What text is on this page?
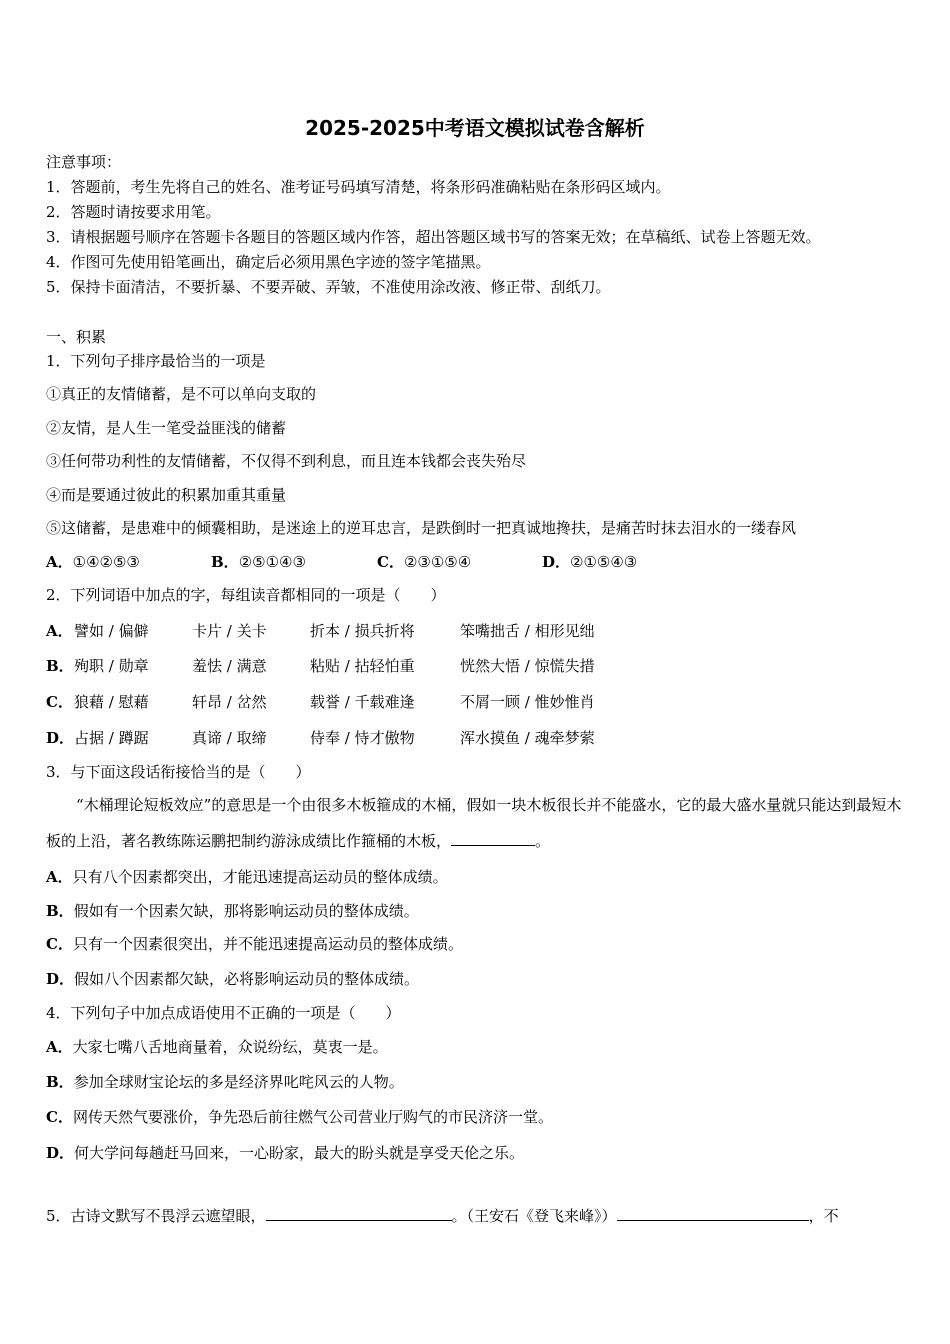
2025-2025中考语文模拟试卷含解析
注意事项：
1．答题前，考生先将自己的姓名、准考证号码填写清楚，将条形码准确粘贴在条形码区域内。
2．答题时请按要求用笔。
3．请根据题号顺序在答题卡各题目的答题区域内作答，超出答题区域书写的答案无效；在草稿纸、试卷上答题无效。
4．作图可先使用铅笔画出，确定后必须用黑色字迹的签字笔描黑。
5．保持卡面清洁，不要折暴、不要弄破、弄皱，不准使用涂改液、修正带、刮纸刀。
一、积累
1．下列句子排序最恰当的一项是
①真正的友情储蓄，是不可以单向支取的
②友情，是人生一笔受益匪浅的储蓄
③任何带功利性的友情储蓄，不仅得不到利息，而且连本钱都会丧失殆尽
④而是要通过彼此的积累加重其重量
⑤这储蓄，是患难中的倾囊相助，是迷途上的逆耳忠言，是跌倒时一把真诚地搀扶，是痛苦时抹去泪水的一缕春风
A．①④②⑤③	B．②⑤①④③	C．②③①⑤④	D．②①⑤④③
2．下列词语中加点的字，每组读音都相同的一项是（　　）
A． 譬如 / 偏僻	卡片 / 关卡	折本 / 损兵折将	笨嘴拙舌 / 相形见绌
B． 殉职 / 勋章	羞怯 / 满意	粘贴 / 拈轻怕重	恍然大悟 / 惊慌失措
C． 狼藉 / 慰藉	轩昂 / 岔然	载誉 / 千载难逢	不屑一顾 / 惟妙惟肖
D． 占据 / 蹲踞	真谛 / 取缔	侍奉 / 恃才傲物	浑水摸鱼 / 魂牵梦萦
3．与下面这段话衔接恰当的是（　　）
“木桶理论短板效应”的意思是一个由很多木板箍成的木桶，假如一块木板很长并不能盛水，它的最大盛水量就只能达到最短木板的上沿，著名教练陈运鹏把制约游泳成绩比作箍桶的木板，	。
A．只有八个因素都突出，才能迅速提高运动员的整体成绩。
B．假如有一个因素欠缺，那将影响运动员的整体成绩。
C．只有一个因素很突出，并不能迅速提高运动员的整体成绩。
D．假如八个因素都欠缺，必将影响运动员的整体成绩。
4．下列句子中加点成语使用不正确的一项是（　　）
A．大家七嘴八舌地商量着，众说纷纭，莫衷一是。
B．参加全球财宝论坛的多是经济界叱咤风云的人物。
C．网传天然气要涨价，争先恐后前往燃气公司营业厅购气的市民济济一堂。
D．何大学问每趟赶马回来，一心盼家，最大的盼头就是享受天伦之乐。
5．古诗文默写不畏浮云遮望眼，	。（王安石《登飞来峰》）	，不
